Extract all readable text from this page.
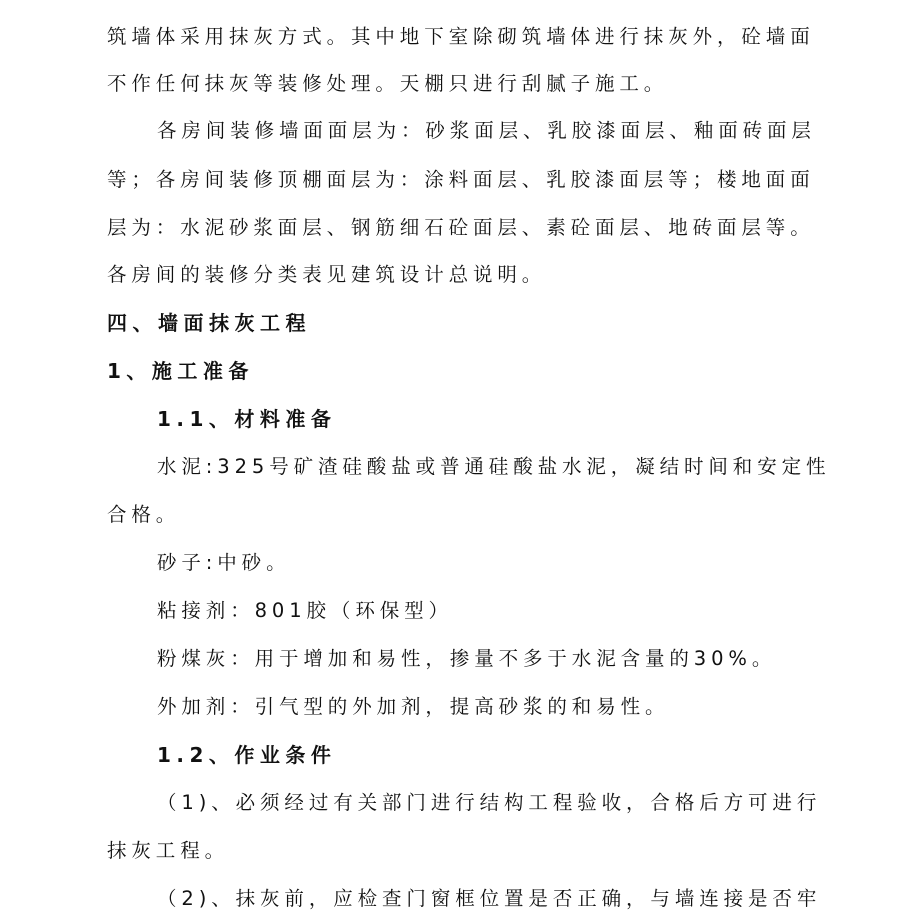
筑墙体采用抹灰方式。其中地下室除砌筑墙体进行抹灰外，砼墙面
不作任何抹灰等装修处理。天棚只进行刮腻子施工。
各房间装修墙面面层为：砂浆面层、乳胶漆面层、釉面砖面层
等；各房间装修顶棚面层为：涂料面层、乳胶漆面层等；楼地面面
层为：水泥砂浆面层、钢筋细石砼面层、素砼面层、地砖面层等。
各房间的装修分类表见建筑设计总说明。
四、墙面抹灰工程
1、施工准备
1.1、材料准备
水泥:325号矿渣硅酸盐或普通硅酸盐水泥，凝结时间和安定性
合格。
砂子:中砂。
粘接剂：801胶（环保型）
粉煤灰：用于增加和易性，掺量不多于水泥含量的30%。
外加剂：引气型的外加剂，提高砂浆的和易性。
1.2、作业条件
（1)、必须经过有关部门进行结构工程验收，合格后方可进行
抹灰工程。
（2)、抹灰前，应检查门窗框位置是否正确，与墙连接是否牢
